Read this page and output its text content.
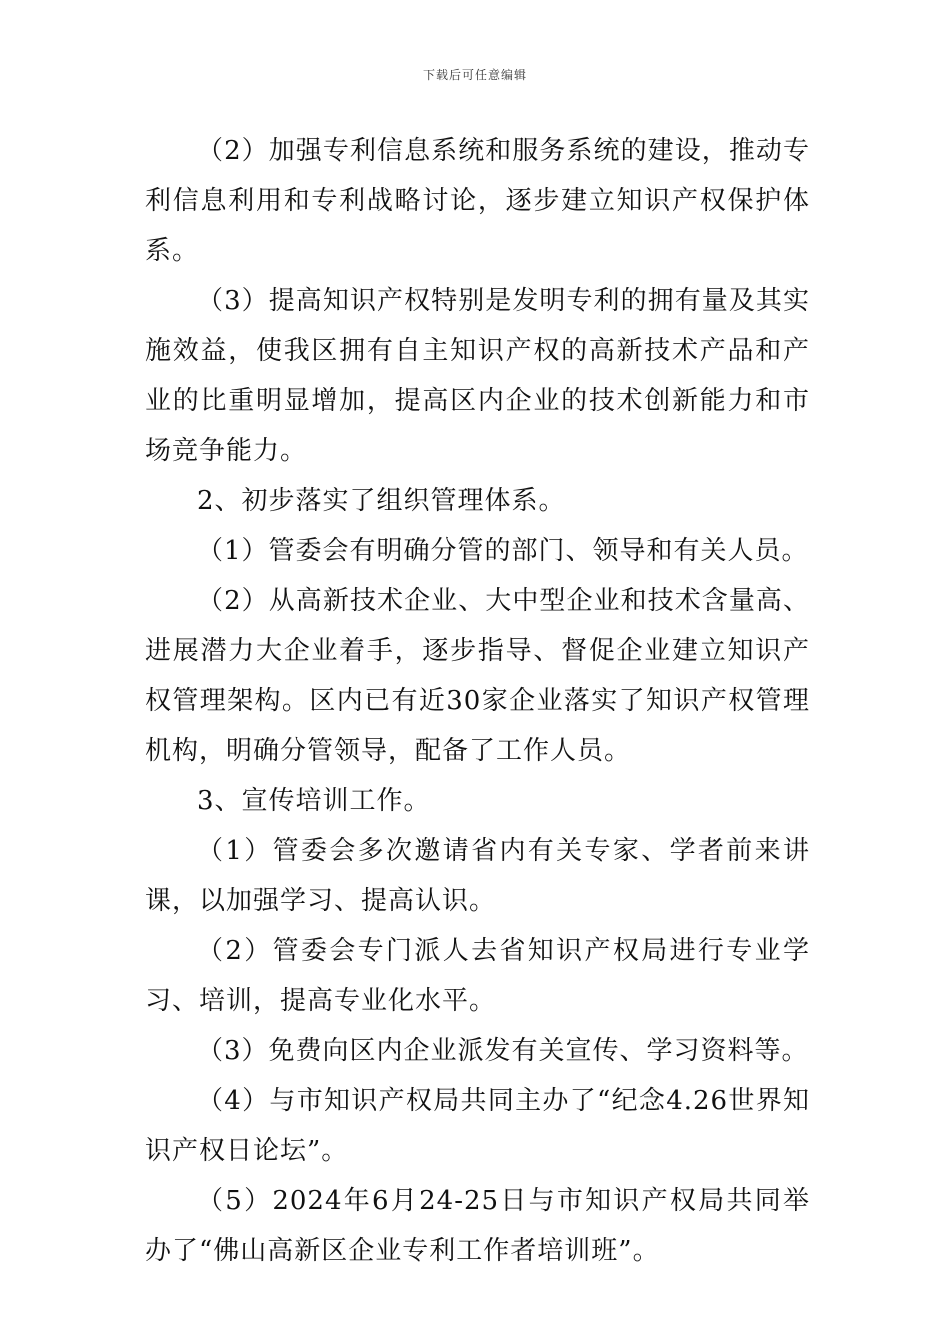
下载后可任意编辑

（2）加强专利信息系统和服务系统的建设，推动专利信息利用和专利战略讨论，逐步建立知识产权保护体系。

（3）提高知识产权特别是发明专利的拥有量及其实施效益，使我区拥有自主知识产权的高新技术产品和产业的比重明显增加，提高区内企业的技术创新能力和市场竞争能力。

2、初步落实了组织管理体系。

（1）管委会有明确分管的部门、领导和有关人员。

（2）从高新技术企业、大中型企业和技术含量高、进展潜力大企业着手，逐步指导、督促企业建立知识产权管理架构。区内已有近30家企业落实了知识产权管理机构，明确分管领导，配备了工作人员。

3、宣传培训工作。

（1）管委会多次邀请省内有关专家、学者前来讲课，以加强学习、提高认识。

（2）管委会专门派人去省知识产权局进行专业学习、培训，提高专业化水平。

（3）免费向区内企业派发有关宣传、学习资料等。

（4）与市知识产权局共同主办了“纪念4.26世界知识产权日论坛”。

（5）2024年6月24-25日与市知识产权局共同举办了“佛山高新区企业专利工作者培训班”。
